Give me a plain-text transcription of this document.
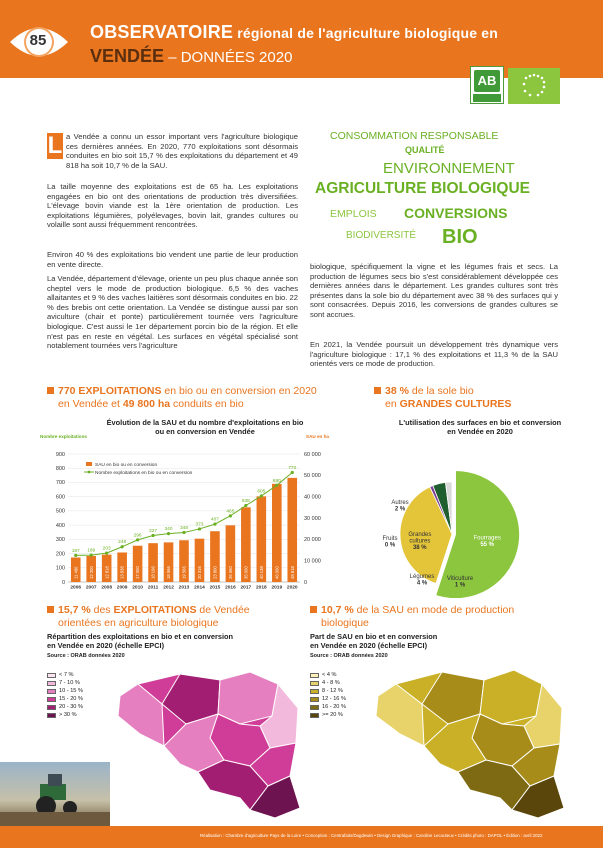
85	OBSERVATOIRE régional de l'agriculture biologique en
VENDÉE – DONNÉES 2020
AB
L a Vendée a connu un essor important vers l'agriculture biologique ces dernières années. En 2020, 770 exploitations sont désormais conduites en bio soit 15,7 % des exploitations du département et 49 818 ha soit 10,7 % de la SAU.
La taille moyenne des exploitations est de 65 ha. Les exploitations engagées en bio ont des orientations de production très diversifiées. L'élevage bovin viande est la 1ère orientation de production. Les exploitations légumières, polyélevages, bovin lait, grandes cultures ou volaille sont aussi fréquemment rencontrées.
Environ 40 % des exploitations bio vendent une partie de leur production en vente directe.
La Vendée, département d'élevage, oriente un peu plus chaque année son cheptel vers le mode de production biologique. 6,5 % des vaches allaitantes et 9 % des vaches laitières sont désormais conduites en bio. 22 % des brebis ont cette orientation. La Vendée se distingue aussi par son aviculture (chair et ponte) particulièrement tournée vers l'agriculture biologique. C'est aussi le 1er département porcin bio de la région. Et elle n'est pas en reste en végétal. Les surfaces en végétal spécialisé sont notablement tournées vers l'agriculture
biologique, spécifiquement la vigne et les légumes frais et secs. La production de légumes secs bio s'est considérablement développée ces dernières années dans le département. Les grandes cultures sont très présentes dans la sole bio du département avec 38 % des surfaces qui y sont consacrées. Depuis 2016, les conversions de grandes cultures se sont accrues.
En 2021, la Vendée poursuit un développement très dynamique vers l'agriculture biologique : 17,1 % des exploitations et 11,3 % de la SAU orientés vers ce mode de production.
CONSOMMATION RESPONSABLE
QUALITÉ
ENVIRONNEMENT
AGRICULTURE BIOLOGIQUE
EMPLOIS CONVERSIONS
BIODIVERSITÉ BIO
770 EXPLOITATIONS en bio ou en conversion en 2020
en Vendée et 49 800 ha conduits en bio
Évolution de la SAU et du nombre d'exploitations en bio
ou en conversion en Vendée
Nombre exploitations	SAU en ha
0
100
200
300
400
500
600
700
800
900
0
10 000
20 000
30 000
40 000
50 000
60 000
11 480
2006
12 200
2007
12 818
2008
13 838
2009
17 000
2010
18 196
2011
18 566
2012
19 566
2013
20 316
2014
23 800
2015
26 560
2016
35 000
2017
40 138
2018
46 000
2019
48 818
2020
187 189 203
248
296
327 340 348
373
407
465
538
605
680
770
SAU en bio ou en conversion
Nombre exploitations en bio ou en conversion
38 % de la sole bio
en GRANDES CULTURES
L'utilisation des surfaces en bio et conversion
en Vendée en 2020
Fourrages
55 %
Grandes cultures
38 %
Viticulture
1 %
Légumes
4 %
Fruits
0 %
Autres
2 %
15,7 % des EXPLOITATIONS de Vendée
orientées en agriculture biologique
Répartition des exploitations en bio et en conversion
en Vendée en 2020 (échelle EPCI)
Source : ORAB données 2020
< 7 %
7 - 10 %
10 - 15 %
15 - 20 %
20 - 30 %
> 30 %
10,7 % de la SAU en mode de production
biologique
Part de SAU en bio et en conversion
en Vendée en 2020 (échelle EPCI)
Source : ORAB données 2020
< 4 %
4 - 8 %
8 - 12 %
12 - 16 %
16 - 20 %
>= 20 %
Réalisation : Chambre d'agriculture Pays de la Loire • Conception : Centrafaits/Dugdewin • Design Graphique : Caroline Lecouteux • Crédits photo : DAPOL • Édition : avril 2022
